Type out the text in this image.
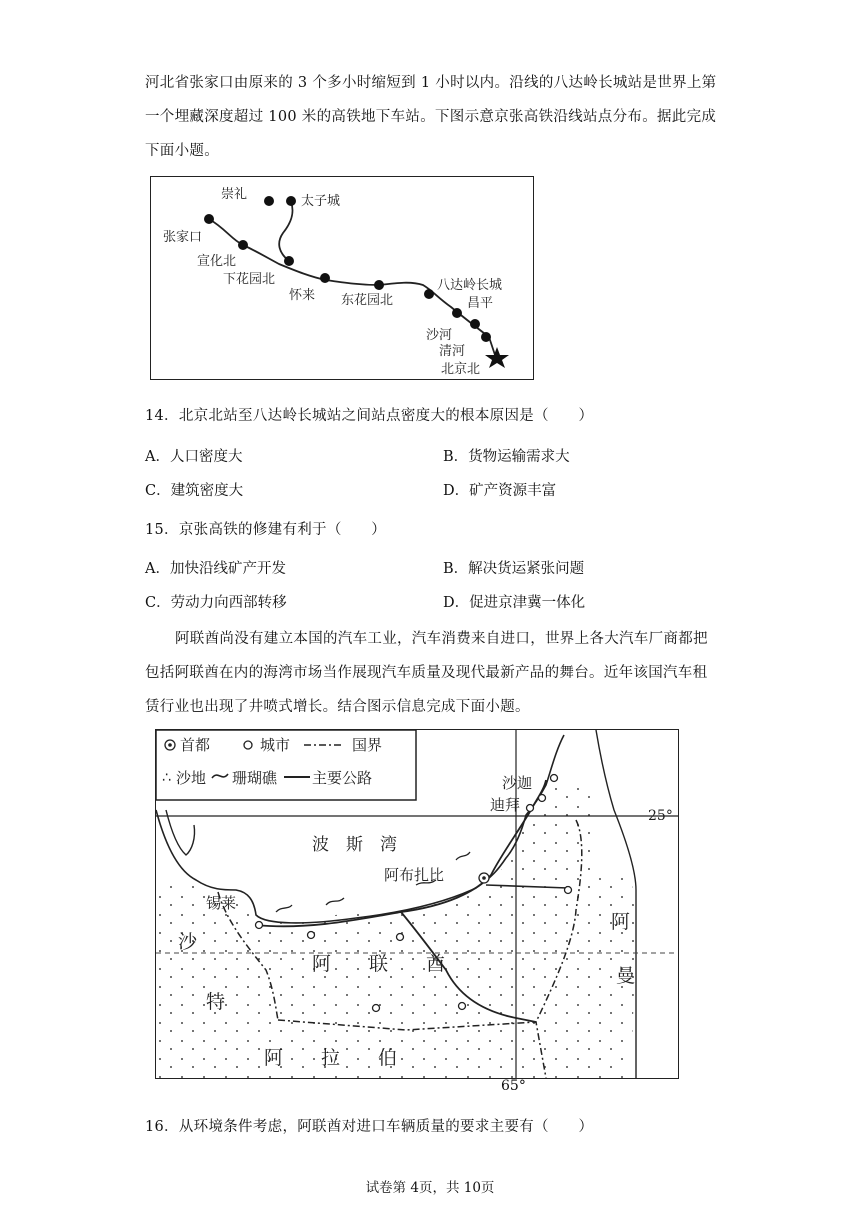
河北省张家口由原来的 3 个多小时缩短到 1 小时以内。沿线的八达岭长城站是世界上第
一个埋藏深度超过 100 米的高铁地下车站。下图示意京张高铁沿线站点分布。据此完成
下面小题。
崇礼	太子城
张家口
宣化北
下花园北
怀来 东花园北
八达岭长城
昌平
沙河
清河
北京北
14．北京北站至八达岭长城站之间站点密度大的根本原因是（　　）
A．人口密度大	B．货物运输需求大
C．建筑密度大	D．矿产资源丰富
15．京张高铁的修建有利于（　　）
A．加快沿线矿产开发	B．解决货运紧张问题
C．劳动力向西部转移	D．促进京津冀一体化
阿联酋尚没有建立本国的汽车工业，汽车消费来自进口，世界上各大汽车厂商都把
包括阿联酋在内的海湾市场当作展现汽车质量及现代最新产品的舞台。近年该国汽车租
赁行业也出现了井喷式增长。结合图示信息完成下面小题。
首都	城市	国界
∴ 沙地 珊瑚礁 主要公路
波　斯　湾
沙迦
迪拜
阿布扎比
锡莱
阿　　联　　酋
阿
曼
沙
特
阿　　拉　　伯
25°
65°
16．从环境条件考虑，阿联酋对进口车辆质量的要求主要有（　　）
试卷第 4页，共 10页
